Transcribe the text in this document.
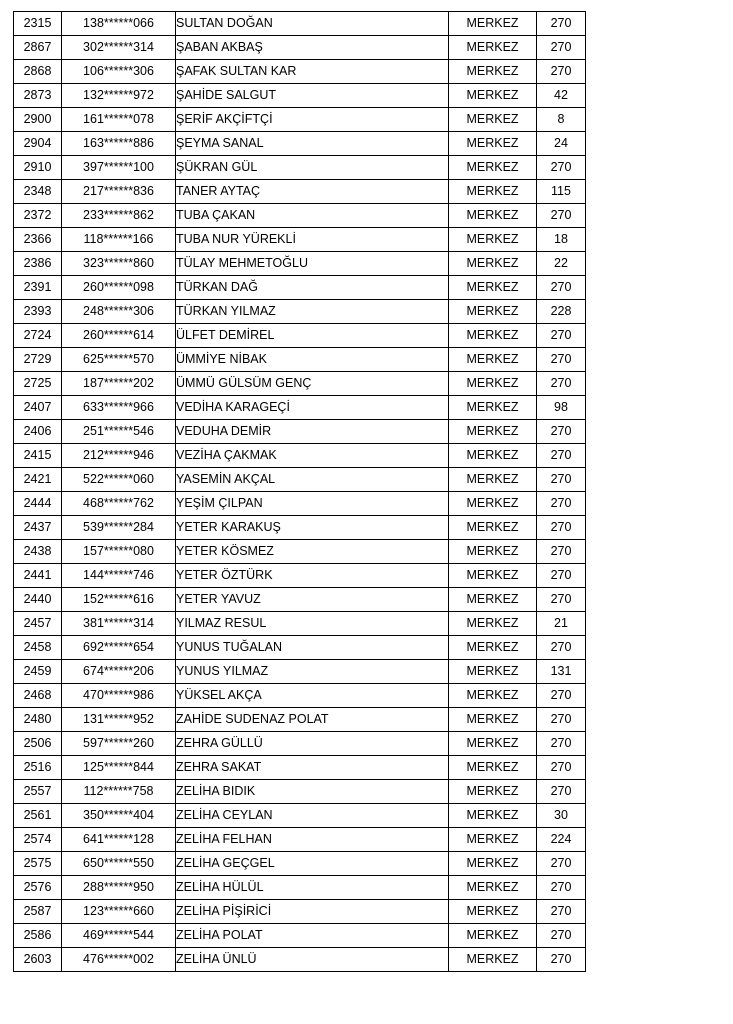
2315	138******066	SULTAN DOĞAN	MERKEZ	270
2867	302******314	ŞABAN AKBAŞ	MERKEZ	270
2868	106******306	ŞAFAK SULTAN KAR	MERKEZ	270
2873	132******972	ŞAHİDE SALGUT	MERKEZ	42
2900	161******078	ŞERİF AKÇİFTÇİ	MERKEZ	8
2904	163******886	ŞEYMA SANAL	MERKEZ	24
2910	397******100	ŞÜKRAN GÜL	MERKEZ	270
2348	217******836	TANER AYTAÇ	MERKEZ	115
2372	233******862	TUBA ÇAKAN	MERKEZ	270
2366	118******166	TUBA NUR YÜREKLİ	MERKEZ	18
2386	323******860	TÜLAY MEHMETOĞLU	MERKEZ	22
2391	260******098	TÜRKAN DAĞ	MERKEZ	270
2393	248******306	TÜRKAN YILMAZ	MERKEZ	228
2724	260******614	ÜLFET DEMİREL	MERKEZ	270
2729	625******570	ÜMMİYE NİBAK	MERKEZ	270
2725	187******202	ÜMMÜ GÜLSÜM GENÇ	MERKEZ	270
2407	633******966	VEDİHA KARAGEÇİ	MERKEZ	98
2406	251******546	VEDUHA DEMİR	MERKEZ	270
2415	212******946	VEZİHA ÇAKMAK	MERKEZ	270
2421	522******060	YASEMİN AKÇAL	MERKEZ	270
2444	468******762	YEŞİM ÇILPAN	MERKEZ	270
2437	539******284	YETER KARAKUŞ	MERKEZ	270
2438	157******080	YETER KÖSMEZ	MERKEZ	270
2441	144******746	YETER ÖZTÜRK	MERKEZ	270
2440	152******616	YETER YAVUZ	MERKEZ	270
2457	381******314	YILMAZ RESUL	MERKEZ	21
2458	692******654	YUNUS TUĞALAN	MERKEZ	270
2459	674******206	YUNUS YILMAZ	MERKEZ	131
2468	470******986	YÜKSEL AKÇA	MERKEZ	270
2480	131******952	ZAHİDE SUDENAZ POLAT	MERKEZ	270
2506	597******260	ZEHRA GÜLLÜ	MERKEZ	270
2516	125******844	ZEHRA SAKAT	MERKEZ	270
2557	112******758	ZELİHA BIDIK	MERKEZ	270
2561	350******404	ZELİHA CEYLAN	MERKEZ	30
2574	641******128	ZELİHA FELHAN	MERKEZ	224
2575	650******550	ZELİHA GEÇGEL	MERKEZ	270
2576	288******950	ZELİHA HÜLÜL	MERKEZ	270
2587	123******660	ZELİHA PİŞİRİCİ	MERKEZ	270
2586	469******544	ZELİHA POLAT	MERKEZ	270
2603	476******002	ZELİHA ÜNLÜ	MERKEZ	270
